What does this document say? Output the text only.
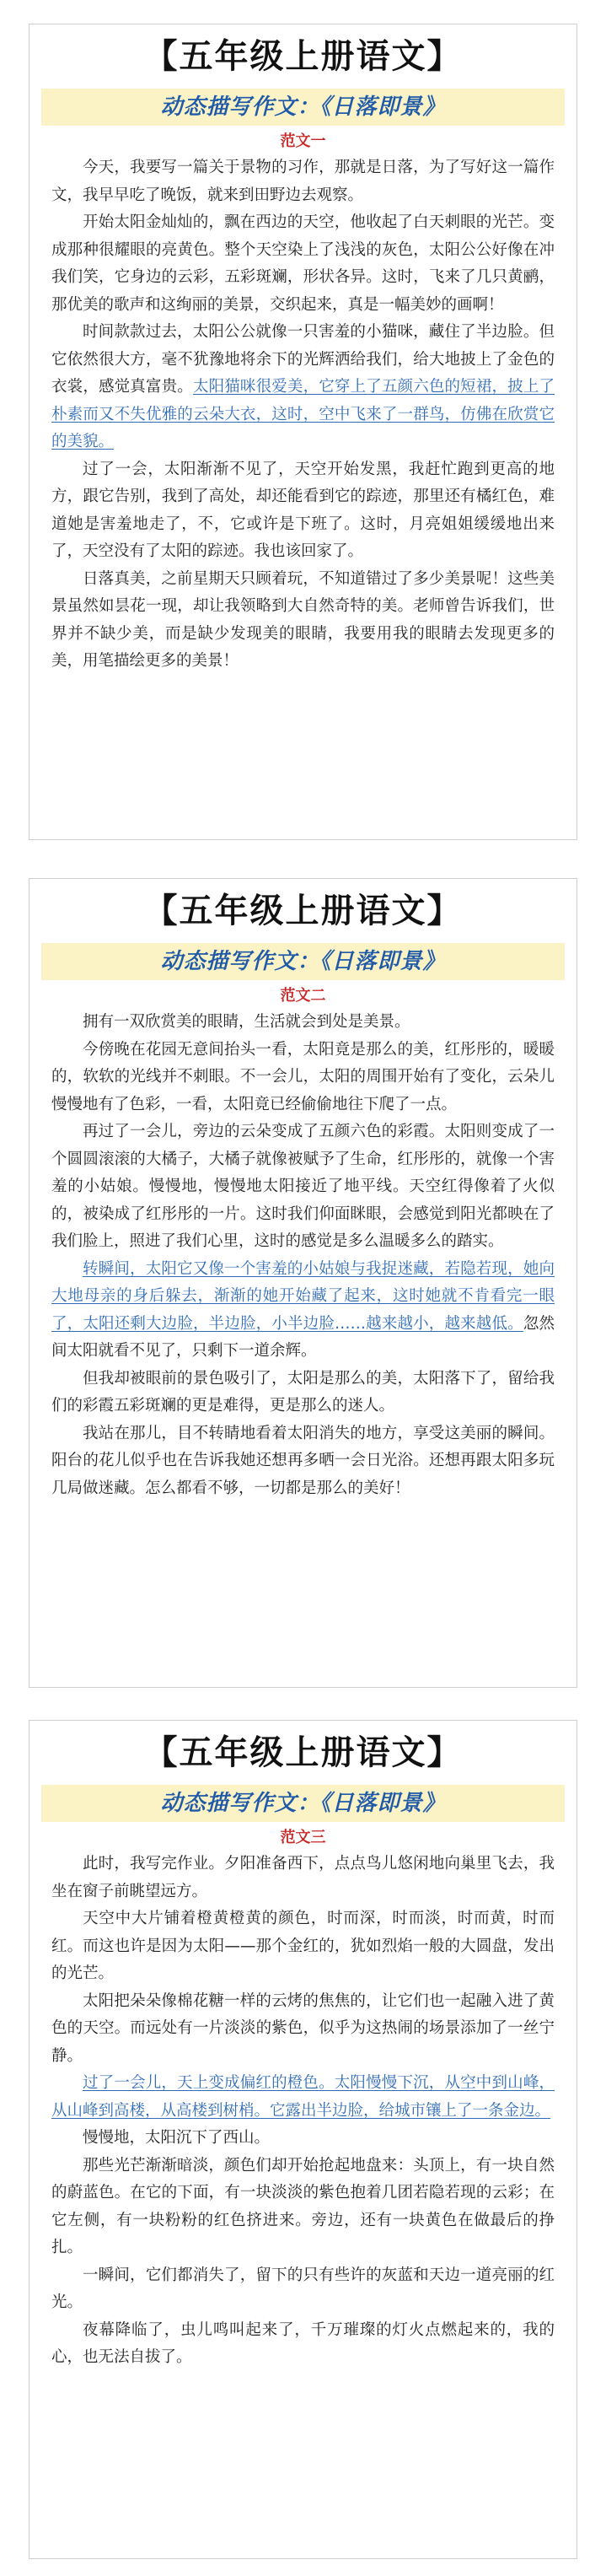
【五年级上册语文】
动态描写作文：《日落即景》
范文一

今天，我要写一篇关于景物的习作，那就是日落，为了写好这一篇作文，我早早吃了晚饭，就来到田野边去观察。

开始太阳金灿灿的，飘在西边的天空，他收起了白天刺眼的光芒。变成那种很耀眼的亮黄色。整个天空染上了浅浅的灰色，太阳公公好像在冲我们笑，它身边的云彩，五彩斑斓，形状各异。这时，飞来了几只黄鹂，那优美的歌声和这绚丽的美景，交织起来，真是一幅美妙的画啊！

时间款款过去，太阳公公就像一只害羞的小猫咪，藏住了半边脸。但它依然很大方，毫不犹豫地将余下的光辉洒给我们，给大地披上了金色的衣裳，感觉真富贵。太阳猫咪很爱美，它穿上了五颜六色的短裙，披上了朴素而又不失优雅的云朵大衣，这时，空中飞来了一群鸟，仿佛在欣赏它的美貌。

过了一会，太阳渐渐不见了，天空开始发黑，我赶忙跑到更高的地方，跟它告别，我到了高处，却还能看到它的踪迹，那里还有橘红色，难道她是害羞地走了，不，它或许是下班了。这时，月亮姐姐缓缓地出来了，天空没有了太阳的踪迹。我也该回家了。

日落真美，之前星期天只顾着玩，不知道错过了多少美景呢！这些美景虽然如昙花一现，却让我领略到大自然奇特的美。老师曾告诉我们，世界并不缺少美，而是缺少发现美的眼睛，我要用我的眼睛去发现更多的美，用笔描绘更多的美景！

【五年级上册语文】
动态描写作文：《日落即景》
范文二

拥有一双欣赏美的眼睛，生活就会到处是美景。

今傍晚在花园无意间抬头一看，太阳竟是那么的美，红彤彤的，暖暖的，软软的光线并不刺眼。不一会儿，太阳的周围开始有了变化，云朵儿慢慢地有了色彩，一看，太阳竟已经偷偷地往下爬了一点。

再过了一会儿，旁边的云朵变成了五颜六色的彩霞。太阳则变成了一个圆圆滚滚的大橘子，大橘子就像被赋予了生命，红彤彤的，就像一个害羞的小姑娘。慢慢地，慢慢地太阳接近了地平线。天空红得像着了火似的，被染成了红彤彤的一片。这时我们仰面眯眼，会感觉到阳光都映在了我们脸上，照进了我们心里，这时的感觉是多么温暖多么的踏实。

转瞬间，太阳它又像一个害羞的小姑娘与我捉迷藏，若隐若现，她向大地母亲的身后躲去，渐渐的她开始藏了起来，这时她就不肯看完一眼了，太阳还剩大边脸，半边脸，小半边脸……越来越小，越来越低。忽然间太阳就看不见了，只剩下一道余辉。

但我却被眼前的景色吸引了，太阳是那么的美，太阳落下了，留给我们的彩霞五彩斑斓的更是难得，更是那么的迷人。

我站在那儿，目不转睛地看着太阳消失的地方，享受这美丽的瞬间。阳台的花儿似乎也在告诉我她还想再多晒一会日光浴。还想再跟太阳多玩几局做迷藏。怎么都看不够，一切都是那么的美好！

【五年级上册语文】
动态描写作文：《日落即景》
范文三

此时，我写完作业。夕阳准备西下，点点鸟儿悠闲地向巢里飞去，我坐在窗子前眺望远方。

天空中大片铺着橙黄橙黄的颜色，时而深，时而淡，时而黄，时而红。而这也许是因为太阳——那个金红的，犹如烈焰一般的大圆盘，发出的光芒。

太阳把朵朵像棉花糖一样的云烤的焦焦的，让它们也一起融入进了黄色的天空。而远处有一片淡淡的紫色，似乎为这热闹的场景添加了一丝宁静。

过了一会儿，天上变成偏红的橙色。太阳慢慢下沉，从空中到山峰，从山峰到高楼，从高楼到树梢。它露出半边脸，给城市镶上了一条金边。

慢慢地，太阳沉下了西山。

那些光芒渐渐暗淡，颜色们却开始抢起地盘来：头顶上，有一块自然的蔚蓝色。在它的下面，有一块淡淡的紫色抱着几团若隐若现的云彩；在它左侧，有一块粉粉的红色挤进来。旁边，还有一块黄色在做最后的挣扎。

一瞬间，它们都消失了，留下的只有些许的灰蓝和天边一道亮丽的红光。

夜幕降临了，虫儿鸣叫起来了，千万璀璨的灯火点燃起来的，我的心，也无法自拔了。
